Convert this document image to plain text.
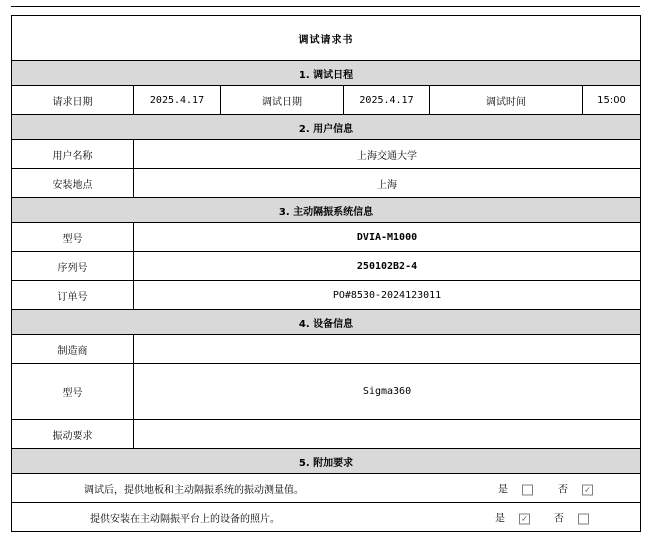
调试请求书					
1. 调试日程					
请求日期	2025.4.17	调试日期	2025.4.17	调试时间	15:00
2. 用户信息					
用户名称	上海交通大学				
安装地点	上海				
3. 主动隔振系统信息					
型号	DVIA-M1000				
序列号	250102B2-4				
订单号	PO#8530-2024123011				
4. 设备信息					
制造商					
型号	Sigma360				
振动要求					
5. 附加要求					

调试后，提供地板和主动隔振系统的振动测量值。 是 否 ✓					

提供安装在主动隔振平台上的设备的照片。 是 ✓ 否					
